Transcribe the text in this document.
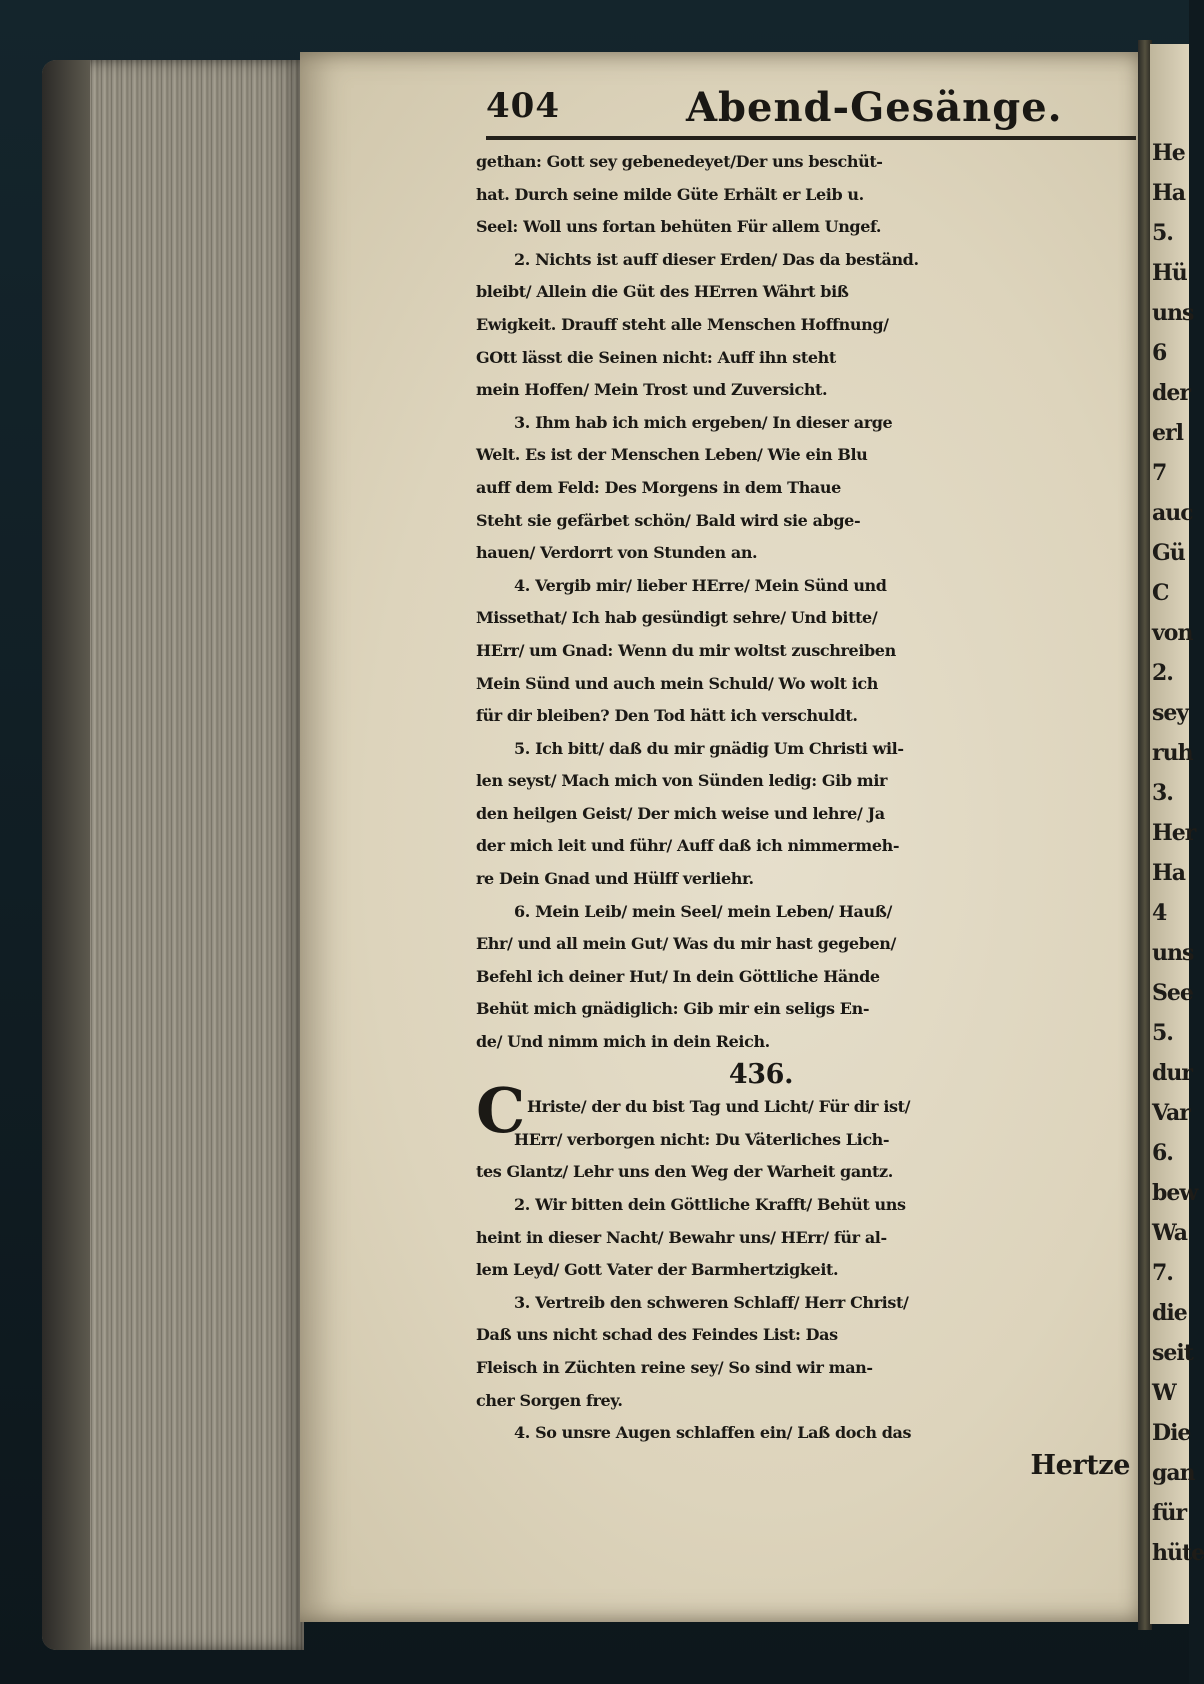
He
Ha
5.
Hü
uns
6
der
erl
7
auc
Gü
C
von
2.
sey
ruh
3.
Her
Ha
4
uns
See
5.
dur
Var
6.
bew
Wa
7.
die
seit
W
Die
gan
für
hüte
404	Abend-Gesänge.
gethan: Gott sey gebenedeyet/Der uns beschüt-
hat. Durch seine milde Güte Erhält er Leib u.
Seel: Woll uns fortan behüten Für allem Ungef.
2. Nichts ist auff dieser Erden/ Das da beständ.
bleibt/ Allein die Güt des HErren Währt biß
Ewigkeit. Drauff steht alle Menschen Hoffnung/
GOtt lässt die Seinen nicht: Auff ihn steht
mein Hoffen/ Mein Trost und Zuversicht.
3. Ihm hab ich mich ergeben/ In dieser arge
Welt. Es ist der Menschen Leben/ Wie ein Blu
auff dem Feld: Des Morgens in dem Thaue
Steht sie gefärbet schön/ Bald wird sie abge-
hauen/ Verdorrt von Stunden an.
4. Vergib mir/ lieber HErre/ Mein Sünd und
Missethat/ Ich hab gesündigt sehre/ Und bitte/
HErr/ um Gnad: Wenn du mir woltst zuschreiben
Mein Sünd und auch mein Schuld/ Wo wolt ich
für dir bleiben? Den Tod hätt ich verschuldt.
5. Ich bitt/ daß du mir gnädig Um Christi wil-
len seyst/ Mach mich von Sünden ledig: Gib mir
den heilgen Geist/ Der mich weise und lehre/ Ja
der mich leit und führ/ Auff daß ich nimmermeh-
re Dein Gnad und Hülff verliehr.
6. Mein Leib/ mein Seel/ mein Leben/ Hauß/
Ehr/ und all mein Gut/ Was du mir hast gegeben/
Befehl ich deiner Hut/ In dein Göttliche Hände
Behüt mich gnädiglich: Gib mir ein seligs En-
de/ Und nimm mich in dein Reich.
436.
C Hriste/ der du bist Tag und Licht/ Für dir ist/
HErr/ verborgen nicht: Du Väterliches Lich-
tes Glantz/ Lehr uns den Weg der Warheit gantz.
2. Wir bitten dein Göttliche Krafft/ Behüt uns
heint in dieser Nacht/ Bewahr uns/ HErr/ für al-
lem Leyd/ Gott Vater der Barmhertzigkeit.
3. Vertreib den schweren Schlaff/ Herr Christ/
Daß uns nicht schad des Feindes List: Das
Fleisch in Züchten reine sey/ So sind wir man-
cher Sorgen frey.
4. So unsre Augen schlaffen ein/ Laß doch das
Hertze
